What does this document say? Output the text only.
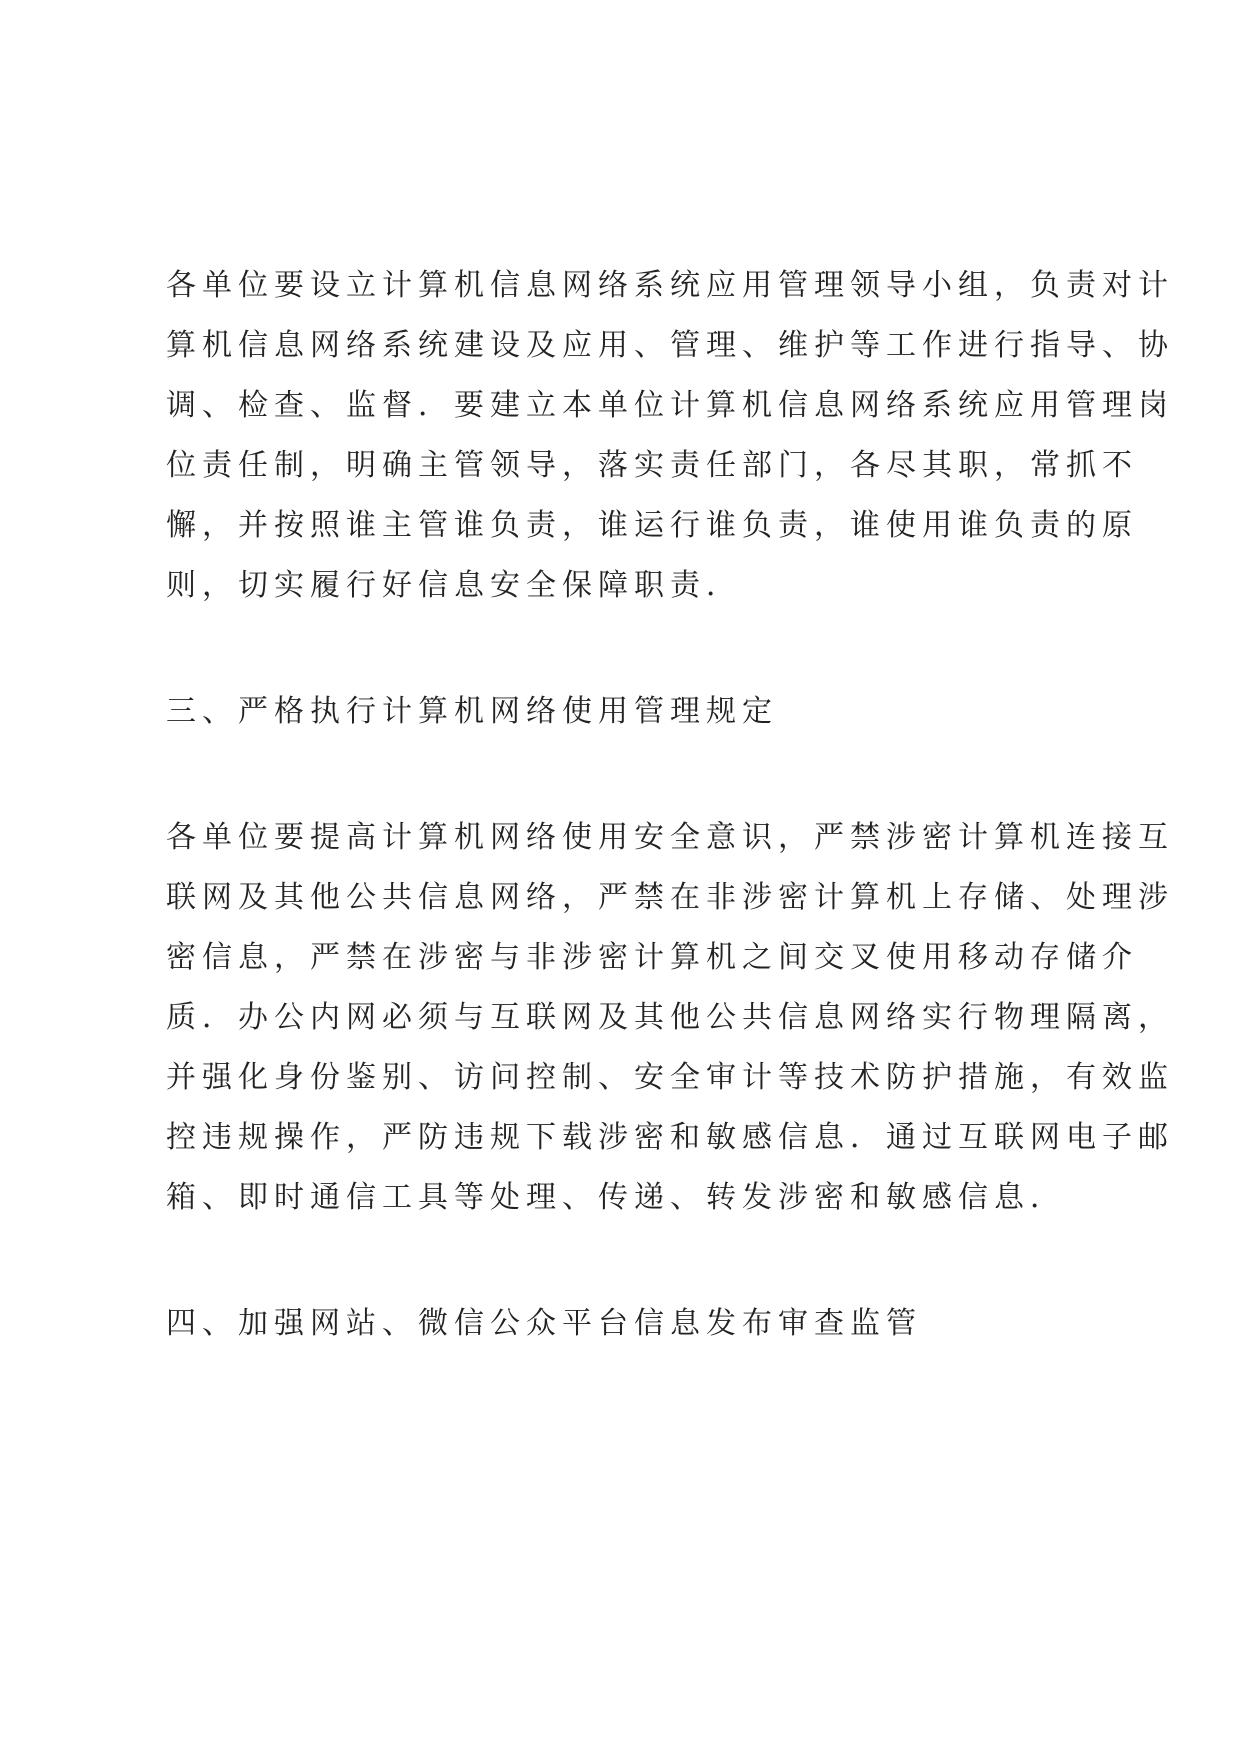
各单位要设立计算机信息网络系统应用管理领导小组，负责对计

算机信息网络系统建设及应用、管理、维护等工作进行指导、协

调、检查、监督．要建立本单位计算机信息网络系统应用管理岗

位责任制，明确主管领导，落实责任部门，各尽其职，常抓不

懈，并按照谁主管谁负责，谁运行谁负责，谁使用谁负责的原

则，切实履行好信息安全保障职责．

三、严格执行计算机网络使用管理规定

各单位要提高计算机网络使用安全意识，严禁涉密计算机连接互

联网及其他公共信息网络，严禁在非涉密计算机上存储、处理涉

密信息，严禁在涉密与非涉密计算机之间交叉使用移动存储介

质．办公内网必须与互联网及其他公共信息网络实行物理隔离，

并强化身份鉴别、访问控制、安全审计等技术防护措施，有效监

控违规操作，严防违规下载涉密和敏感信息．通过互联网电子邮

箱、即时通信工具等处理、传递、转发涉密和敏感信息．

四、加强网站、微信公众平台信息发布审查监管
